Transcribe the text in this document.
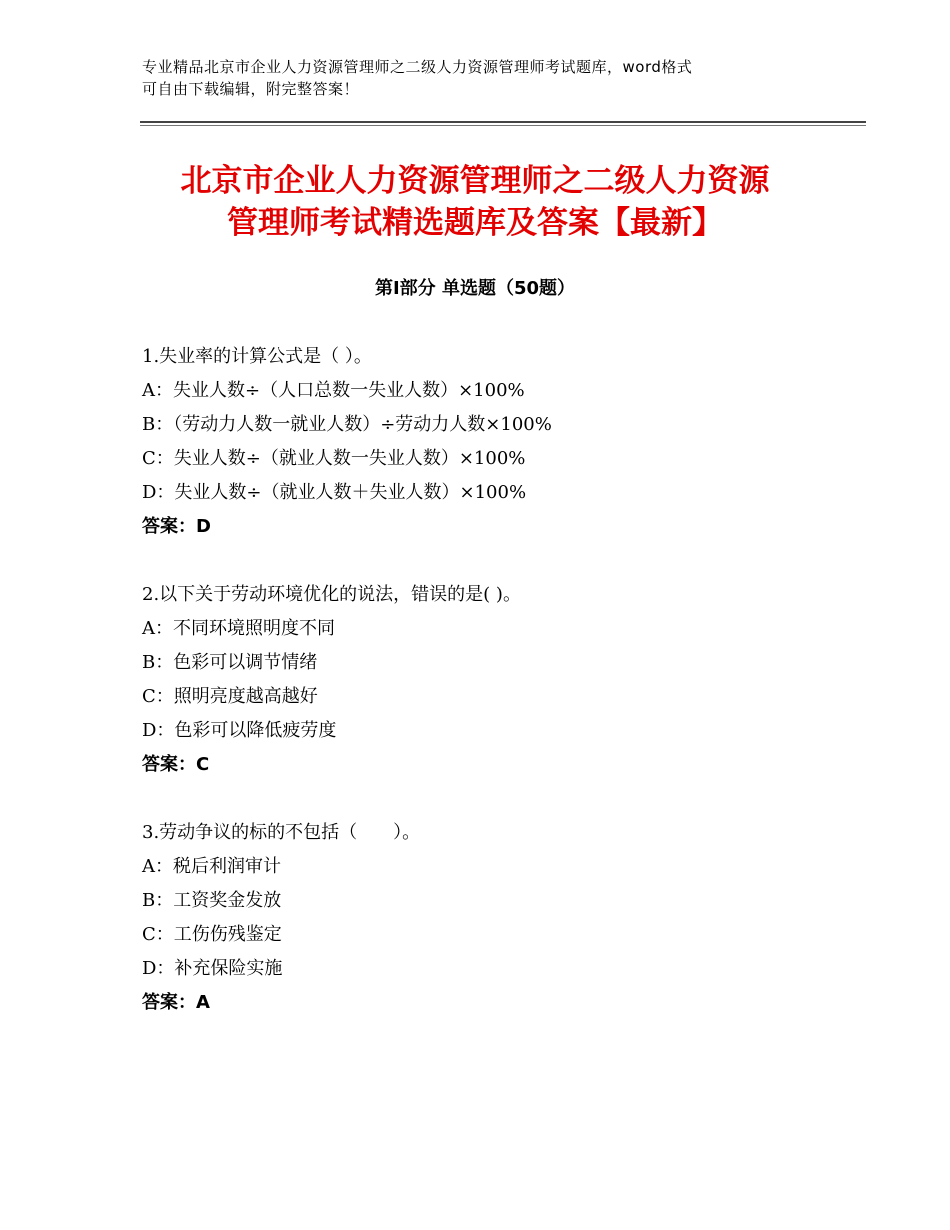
专业精品北京市企业人力资源管理师之二级人力资源管理师考试题库，word格式
可自由下载编辑，附完整答案！
北京市企业人力资源管理师之二级人力资源
管理师考试精选题库及答案【最新】
第Ⅰ部分 单选题（50题）
1.失业率的计算公式是（ ）。
A：失业人数÷（人口总数一失业人数）×100%
B：（劳动力人数一就业人数）÷劳动力人数×100%
C：失业人数÷（就业人数一失业人数）×100%
D：失业人数÷（就业人数＋失业人数）×100%
答案：D
2.以下关于劳动环境优化的说法，错误的是( )。
A：不同环境照明度不同
B：色彩可以调节情绪
C：照明亮度越高越好
D：色彩可以降低疲劳度
答案：C
3.劳动争议的标的不包括（　　）。
A：税后利润审计
B：工资奖金发放
C：工伤伤残鉴定
D：补充保险实施
答案：A
